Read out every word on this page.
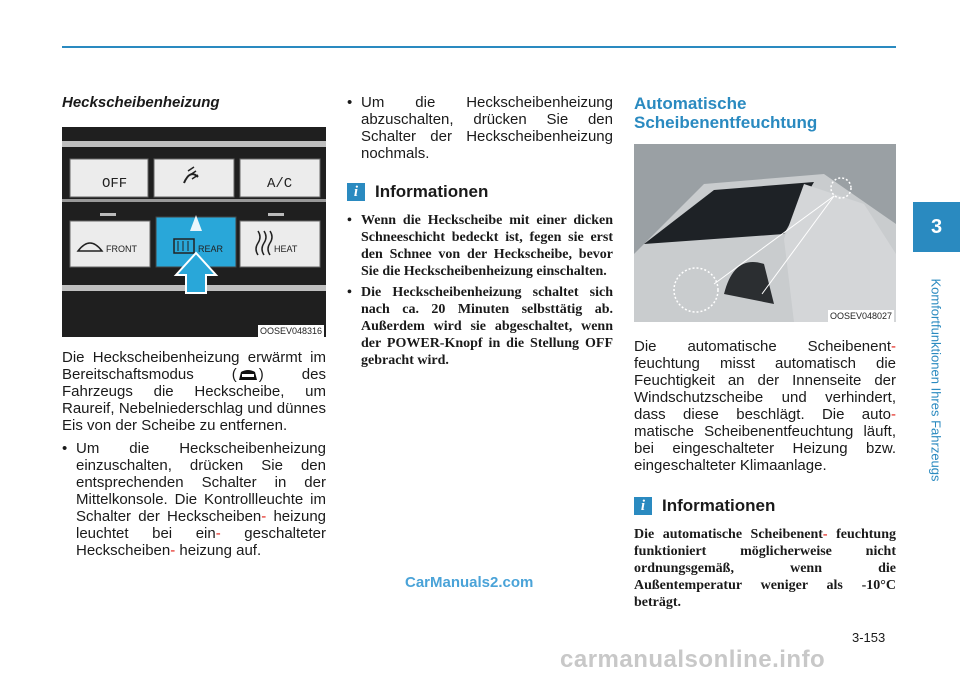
Heckscheibenheizung
OFF	A/C
FRONT	REAR	HEAT
OOSEV048316

Die Heckscheibenheizung erwärmt im Bereitschaftsmodus ( ) des Fahrzeugs die Heckscheibe, um Raureif, Nebelniederschlag und dünnes Eis von der Scheibe zu entfernen.

• Um die Heckscheibenheizung einzuschalten, drücken Sie den entsprechenden Schalter in der Mittelkonsole. Die Kontrollleuchte im Schalter der Heckscheiben- heizung leuchtet bei ein- geschalteter Heckscheiben- heizung auf.

• Um die Heckscheibenheizung abzuschalten, drücken Sie den Schalter der Heckscheibenheizung nochmals.

i Informationen

• Wenn die Heckscheibe mit einer dicken Schneeschicht bedeckt ist, fegen sie erst den Schnee von der Heckscheibe, bevor Sie die Heckscheibenheizung einschalten.

• Die Heckscheibenheizung schaltet sich nach ca. 20 Minuten selbsttätig ab. Außerdem wird sie abgeschaltet, wenn der POWER-Knopf in die Stellung OFF gebracht wird.

Automatische Scheibenentfeuchtung
OOSEV048027

Die automatische Scheibenent- feuchtung misst automatisch die Feuchtigkeit an der Innenseite der Windschutzscheibe und verhindert, dass diese beschlägt. Die auto- matische Scheibenentfeuchtung läuft, bei eingeschalteter Heizung bzw. eingeschalteter Klimaanlage.

i Informationen

Die automatische Scheibenent- feuchtung funktioniert möglicherweise nicht ordnungsgemäß, wenn die Außentemperatur weniger als -10°C beträgt.

3
Komfortfunktionen Ihres Fahrzeugs
3-153
CarManuals2.com
carmanualsonline.info
